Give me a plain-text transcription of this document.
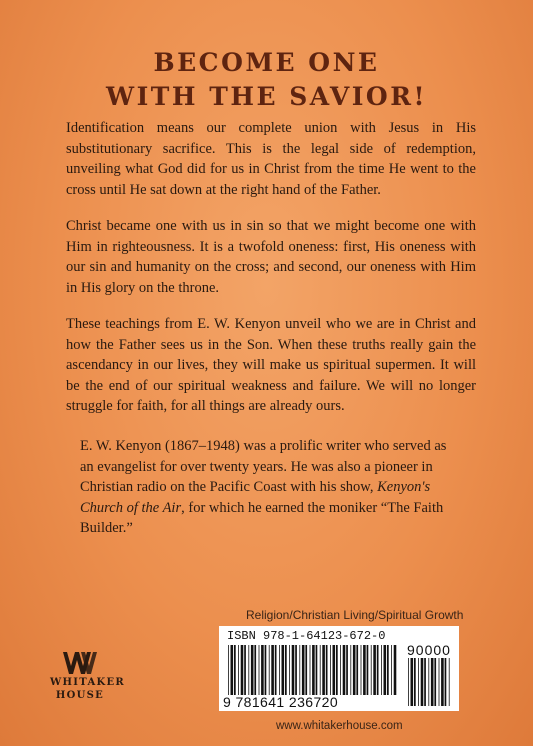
BECOME ONE
WITH THE SAVIOR!

Identification means our complete union with Jesus in His substitutionary sacrifice. This is the legal side of redemption, unveiling what God did for us in Christ from the time He went to the cross until He sat down at the right hand of the Father.

Christ became one with us in sin so that we might become one with Him in righteousness. It is a twofold oneness: first, His oneness with our sin and humanity on the cross; and second, our oneness with Him in His glory on the throne.

These teachings from E. W. Kenyon unveil who we are in Christ and how the Father sees us in the Son. When these truths really gain the ascendancy in our lives, they will make us spiritual supermen. It will be the end of our spiritual weakness and failure. We will no longer struggle for faith, for all things are already ours.

E. W. Kenyon (1867–1948) was a prolific writer who served as an evangelist for over twenty years. He was also a pioneer in Christian radio on the Pacific Coast with his show, Kenyon's Church of the Air, for which he earned the moniker “The Faith Builder.”

Religion/Christian Living/Spiritual Growth
ISBN 978-1-64123-672-0
90000
9 781641 236720
WHITAKER
HOUSE
www.whitakerhouse.com
